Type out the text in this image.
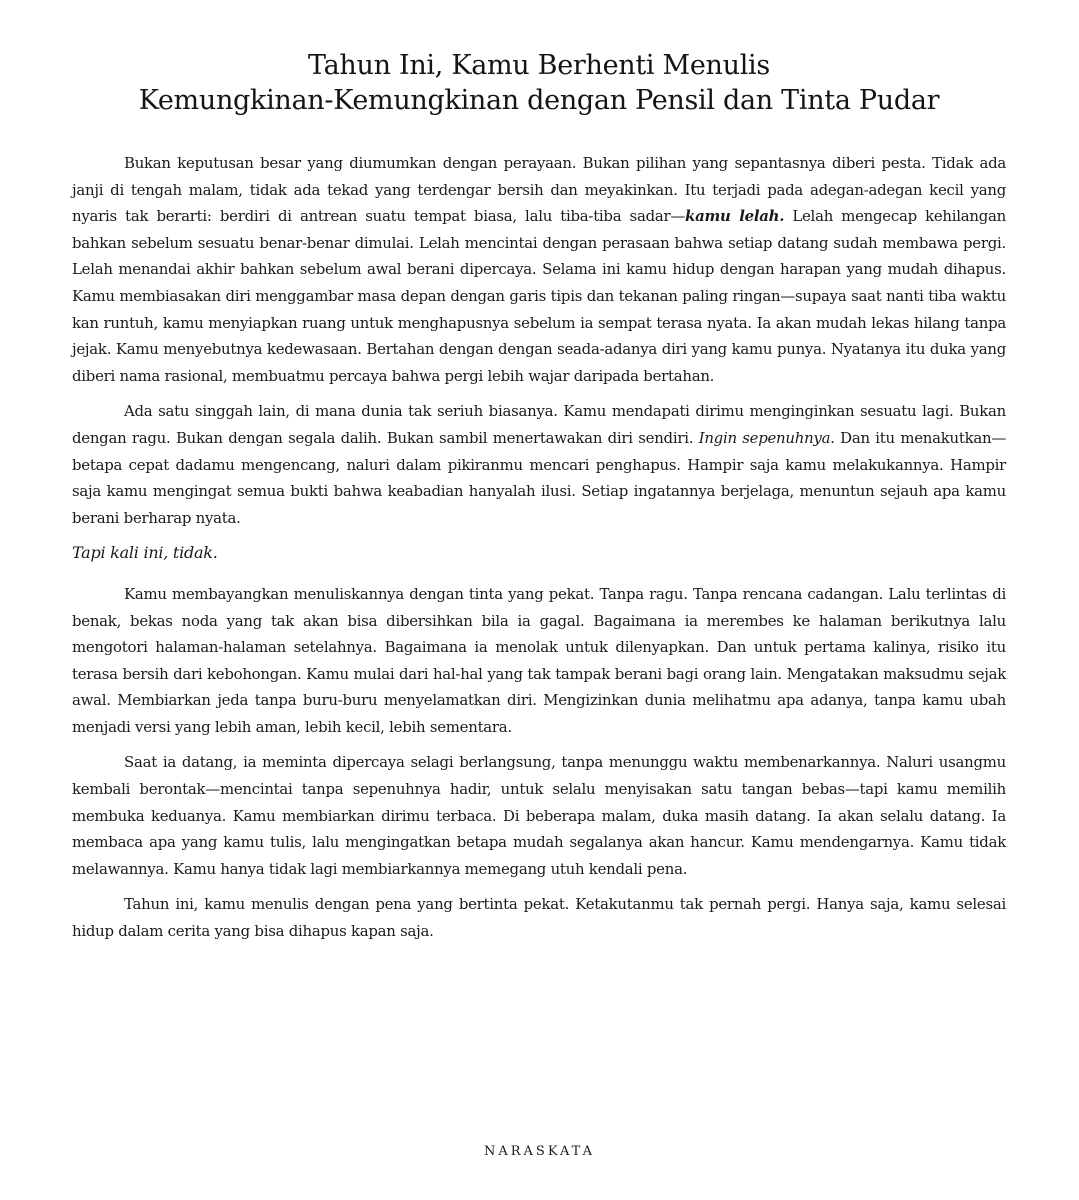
Tahun Ini, Kamu Berhenti Menulis
Kemungkinan-Kemungkinan dengan Pensil dan Tinta Pudar

Bukan keputusan besar yang diumumkan dengan perayaan. Bukan pilihan yang sepantasnya diberi pesta. Tidak ada janji di tengah malam, tidak ada tekad yang terdengar bersih dan meyakinkan. Itu terjadi pada adegan-adegan kecil yang nyaris tak berarti: berdiri di antrean suatu tempat biasa, lalu tiba-tiba sadar—kamu lelah. Lelah mengecap kehilangan bahkan sebelum sesuatu benar-benar dimulai. Lelah mencintai dengan perasaan bahwa setiap datang sudah membawa pergi. Lelah menandai akhir bahkan sebelum awal berani dipercaya. Selama ini kamu hidup dengan harapan yang mudah dihapus. Kamu membiasakan diri menggambar masa depan dengan garis tipis dan tekanan paling ringan—supaya saat nanti tiba waktu kan runtuh, kamu menyiapkan ruang untuk menghapusnya sebelum ia sempat terasa nyata. Ia akan mudah lekas hilang tanpa jejak. Kamu menyebutnya kedewasaan. Bertahan dengan dengan seada-adanya diri yang kamu punya. Nyatanya itu duka yang diberi nama rasional, membuatmu percaya bahwa pergi lebih wajar daripada bertahan.

Ada satu singgah lain, di mana dunia tak seriuh biasanya. Kamu mendapati dirimu menginginkan sesuatu lagi. Bukan dengan ragu. Bukan dengan segala dalih. Bukan sambil menertawakan diri sendiri. Ingin sepenuhnya. Dan itu menakutkan—betapa cepat dadamu mengencang, naluri dalam pikiranmu mencari penghapus. Hampir saja kamu melakukannya. Hampir saja kamu mengingat semua bukti bahwa keabadian hanyalah ilusi. Setiap ingatannya berjelaga, menuntun sejauh apa kamu berani berharap nyata.

Tapi kali ini, tidak.

Kamu membayangkan menuliskannya dengan tinta yang pekat. Tanpa ragu. Tanpa rencana cadangan. Lalu terlintas di benak, bekas noda yang tak akan bisa dibersihkan bila ia gagal. Bagaimana ia merembes ke halaman berikutnya lalu mengotori halaman-halaman setelahnya. Bagaimana ia menolak untuk dilenyapkan. Dan untuk pertama kalinya, risiko itu terasa bersih dari kebohongan. Kamu mulai dari hal-hal yang tak tampak berani bagi orang lain. Mengatakan maksudmu sejak awal. Membiarkan jeda tanpa buru-buru menyelamatkan diri. Mengizinkan dunia melihatmu apa adanya, tanpa kamu ubah menjadi versi yang lebih aman, lebih kecil, lebih sementara.

Saat ia datang, ia meminta dipercaya selagi berlangsung, tanpa menunggu waktu membenarkannya. Naluri usangmu kembali berontak—mencintai tanpa sepenuhnya hadir, untuk selalu menyisakan satu tangan bebas—tapi kamu memilih membuka keduanya. Kamu membiarkan dirimu terbaca. Di beberapa malam, duka masih datang. Ia akan selalu datang. Ia membaca apa yang kamu tulis, lalu mengingatkan betapa mudah segalanya akan hancur. Kamu mendengarnya. Kamu tidak melawannya. Kamu hanya tidak lagi membiarkannya memegang utuh kendali pena.

Tahun ini, kamu menulis dengan pena yang bertinta pekat. Ketakutanmu tak pernah pergi. Hanya saja, kamu selesai hidup dalam cerita yang bisa dihapus kapan saja.

NARASKATA
